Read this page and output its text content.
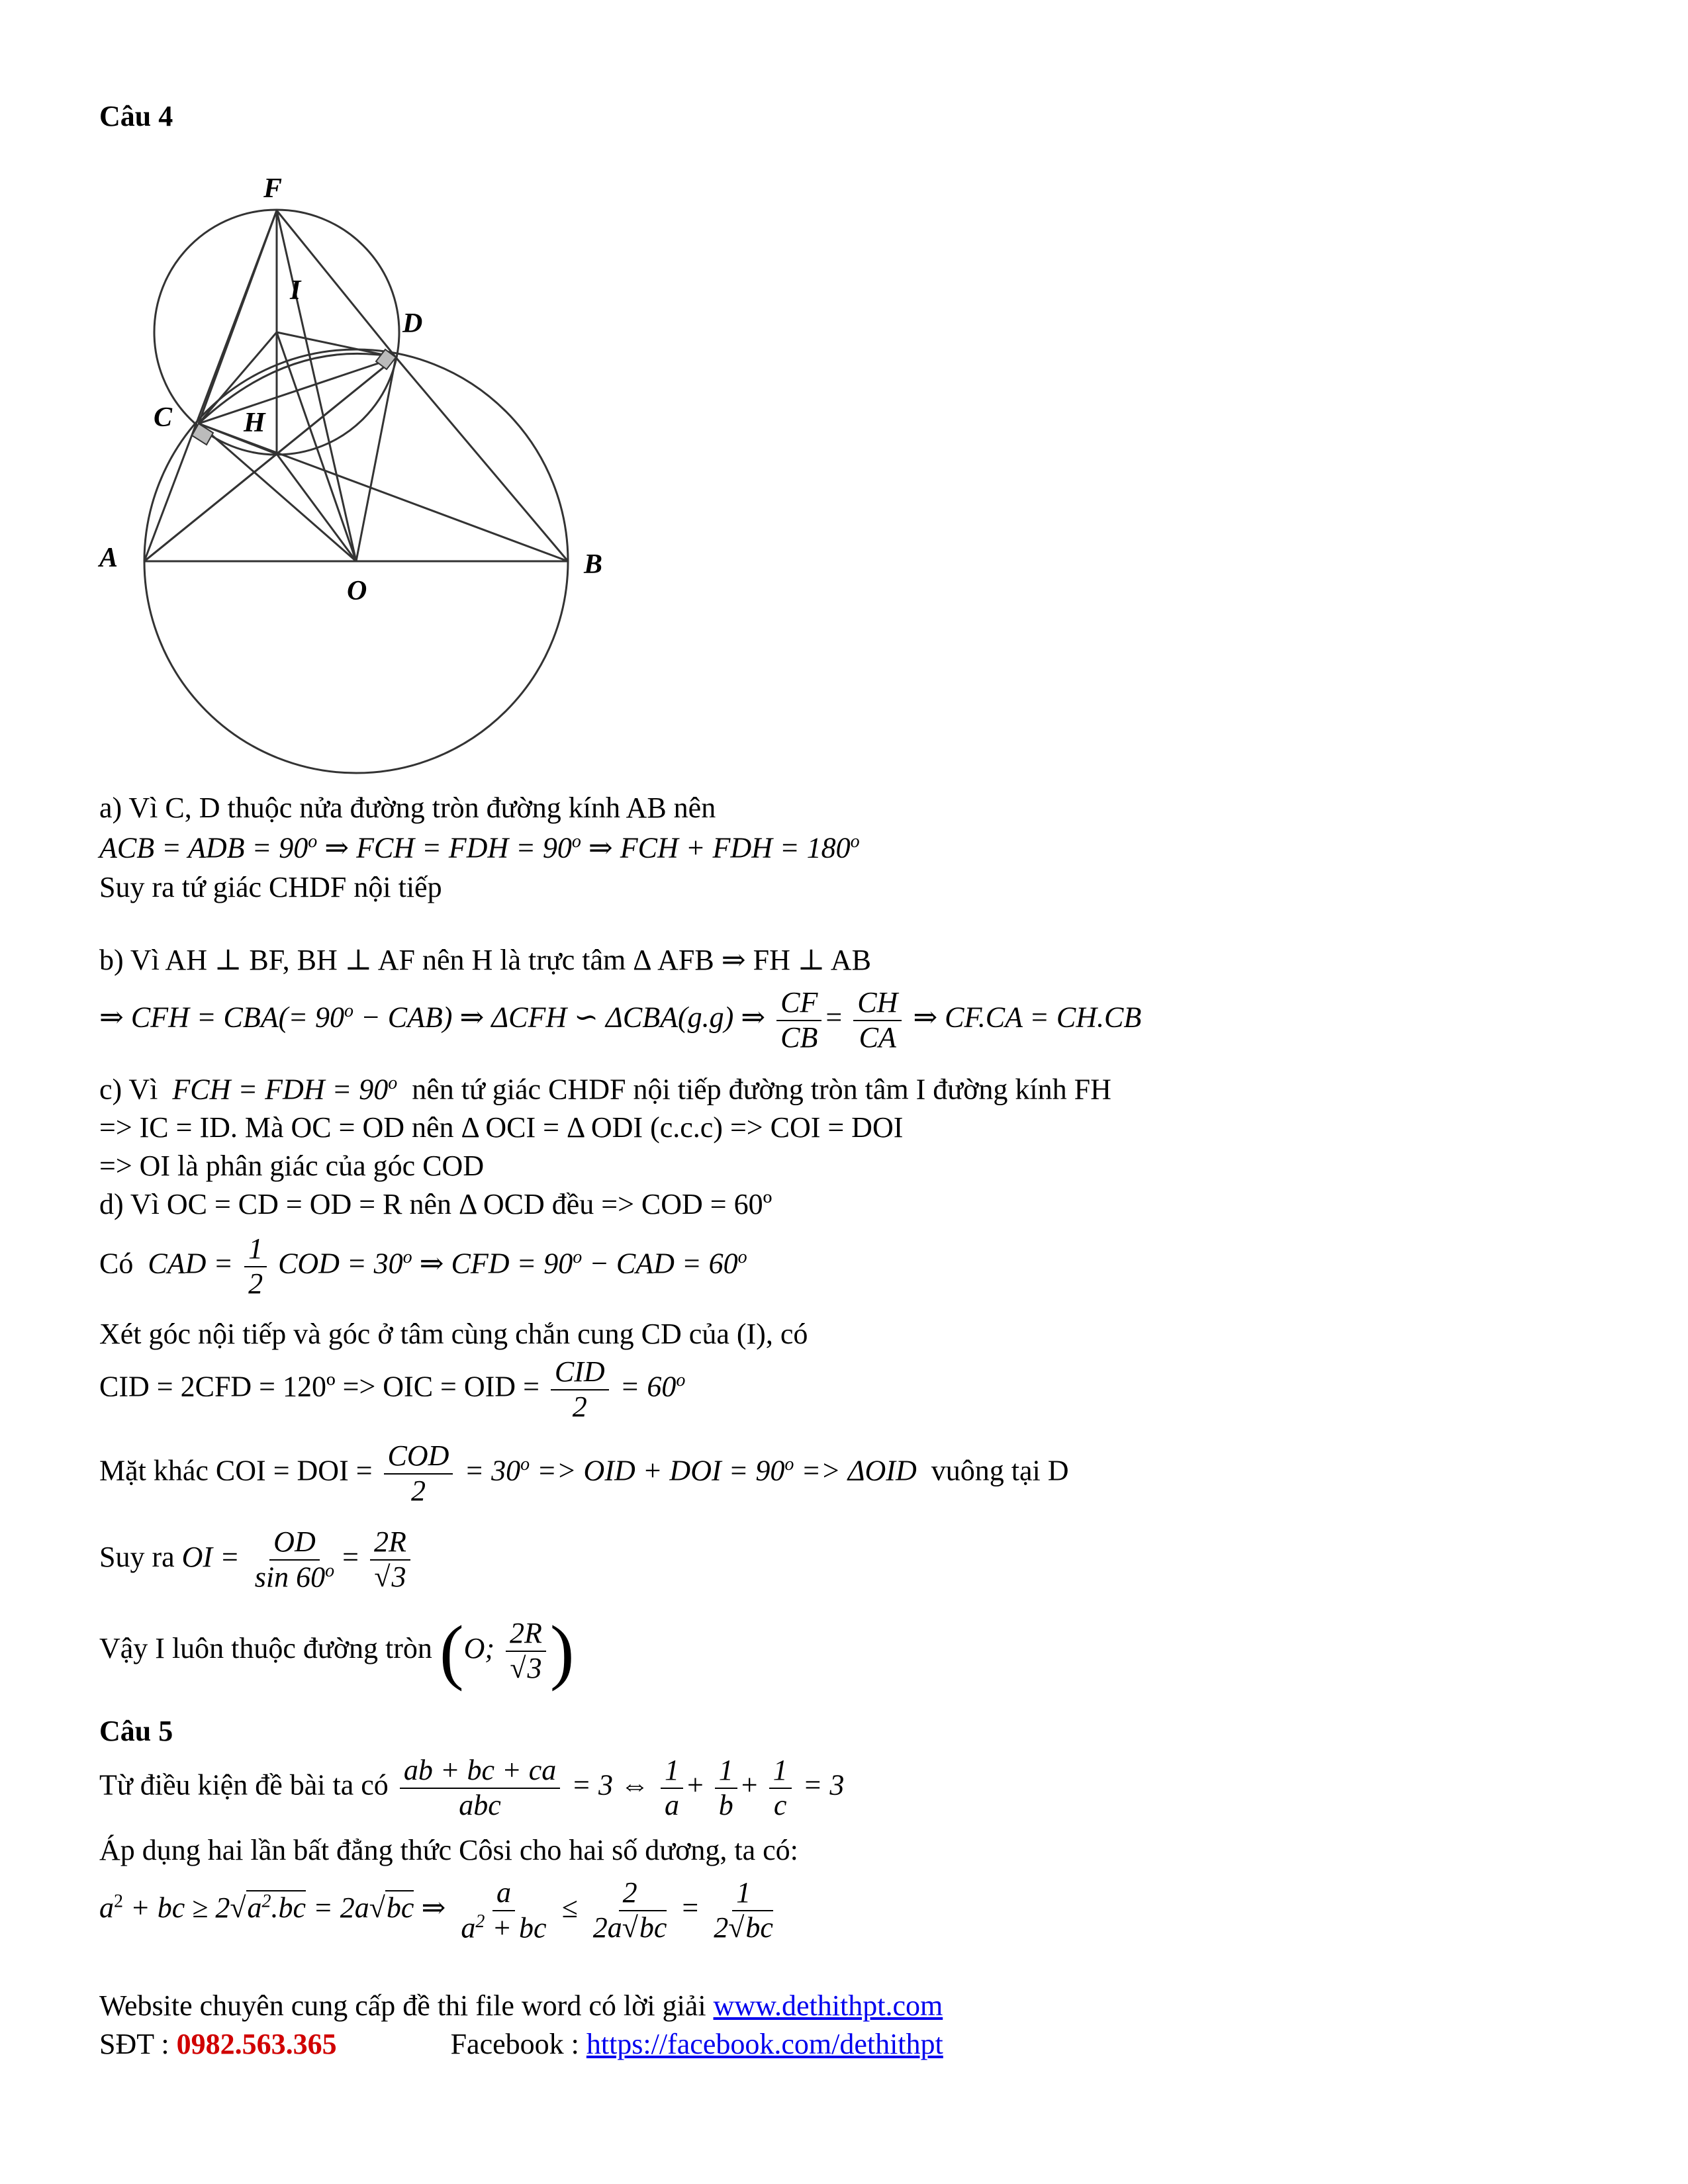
Câu 4
F
I
D
C	H
A
O
B
a) Vì C, D thuộc nửa đường tròn đường kính AB nên
ACB = ADB = $90^o$ ⇒ FCH = FDH = $90^o$ ⇒ FCH + FDH = $180^o$
Suy ra tứ giác CHDF nội tiếp
b) Vì AH ⊥ BF, BH ⊥ AF nên H là trực tâm Δ AFB ⇒ FH ⊥ AB
⇒ CFH = $CBA(= 90^o - CAB)$ ⇒ ΔCFH ∽ ΔCBA(g.g) ⇒ $\frac{CF}{CB} = \frac{CH}{CA}$ ⇒ CF.CA = CH.CB
c) Vì FCH = FDH = $90^o$ nên tứ giác CHDF nội tiếp đường tròn tâm I đường kính FH
=> IC = ID. Mà OC = OD nên Δ OCI = Δ ODI (c.c.c) => COI = DOI
=> OI là phân giác của góc COD
d) Vì OC = CD = OD = R nên Δ OCD đều => COD = 60º
Có CAD = $\frac{1}{2}$ COD = $30^o$ ⇒ CFD = $90^o$ − CAD = $60^o$
Xét góc nội tiếp và góc ở tâm cùng chắn cung CD của (I), có
CID = 2CFD = 120º => OIC = OID = $\frac{\text{CID}}{2} = 60^o$
Mặt khác COI = DOI = $\frac{\text{COD}}{2} = 30^o$ => OID + DOI = $90^o => \Delta OID$ vuông tại D
Suy ra OI = $\frac{OD}{\sin 60^o} = \frac{2R}{√3}$
Vậy I luôn thuộc đường tròn (O; $\frac{2R}{√3}$ )
Câu 5
Từ điều kiện đề bài ta có $\frac{ab + bc + ca}{\text{abc}} = 3$ ⇔ $\frac{1}{a} + \frac{1}{b} + \frac{1}{c} = 3$
Áp dụng hai lần bất đẳng thức Côsi cho hai số dương, ta có:
$a^2$ + bc ≥ $2√a^2.bc = 2a√bc$ ⇒ $\frac{a}{a^2 + bc} \le \frac{2}{2a√bc} = \frac{1}{2√bc}$
Website chuyên cung cấp đề thi file word có lời giải www.dethithpt.com
SĐT : 0982.563.365	Facebook : https://facebook.com/dethithpt
